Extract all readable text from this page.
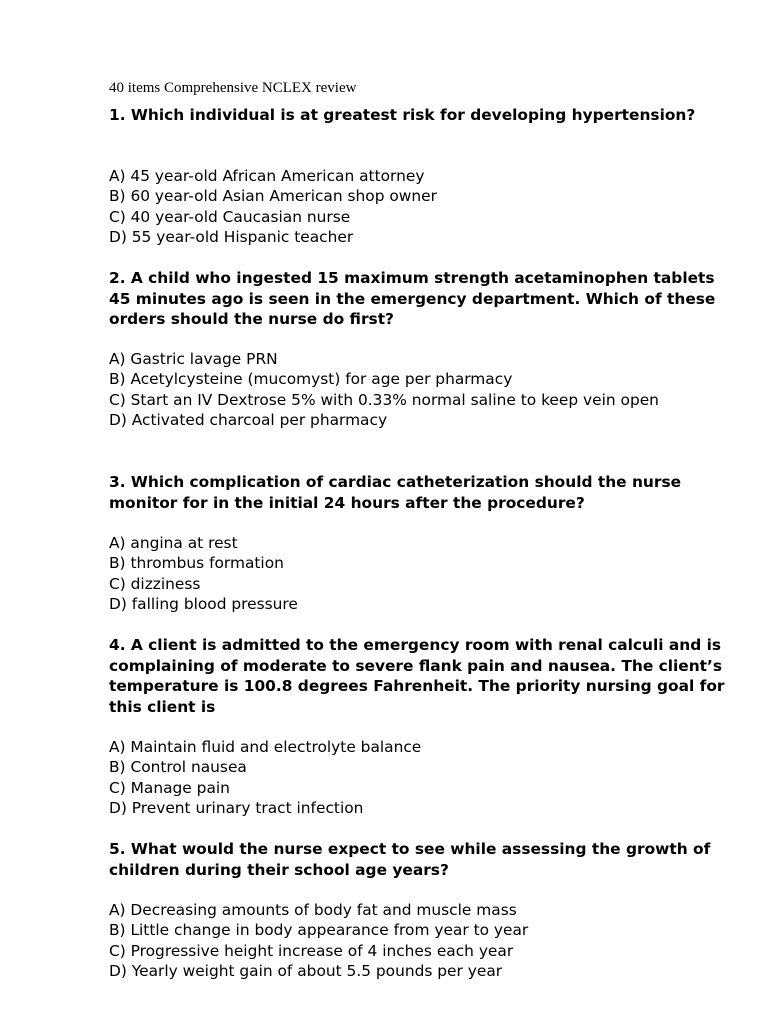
40 items Comprehensive NCLEX review
1. Which individual is at greatest risk for developing hypertension?
A) 45 year-old African American attorney
B) 60 year-old Asian American shop owner
C) 40 year-old Caucasian nurse
D) 55 year-old Hispanic teacher
2. A child who ingested 15 maximum strength acetaminophen tablets 45 minutes ago is seen in the emergency department. Which of these orders should the nurse do first?
A) Gastric lavage PRN
B) Acetylcysteine (mucomyst) for age per pharmacy
C) Start an IV Dextrose 5% with 0.33% normal saline to keep vein open
D) Activated charcoal per pharmacy
3. Which complication of cardiac catheterization should the nurse monitor for in the initial 24 hours after the procedure?
A) angina at rest
B) thrombus formation
C) dizziness
D) falling blood pressure
4. A client is admitted to the emergency room with renal calculi and is complaining of moderate to severe flank pain and nausea. The client’s temperature is 100.8 degrees Fahrenheit. The priority nursing goal for this client is
A) Maintain fluid and electrolyte balance
B) Control nausea
C) Manage pain
D) Prevent urinary tract infection
5. What would the nurse expect to see while assessing the growth of children during their school age years?
A) Decreasing amounts of body fat and muscle mass
B) Little change in body appearance from year to year
C) Progressive height increase of 4 inches each year
D) Yearly weight gain of about 5.5 pounds per year
